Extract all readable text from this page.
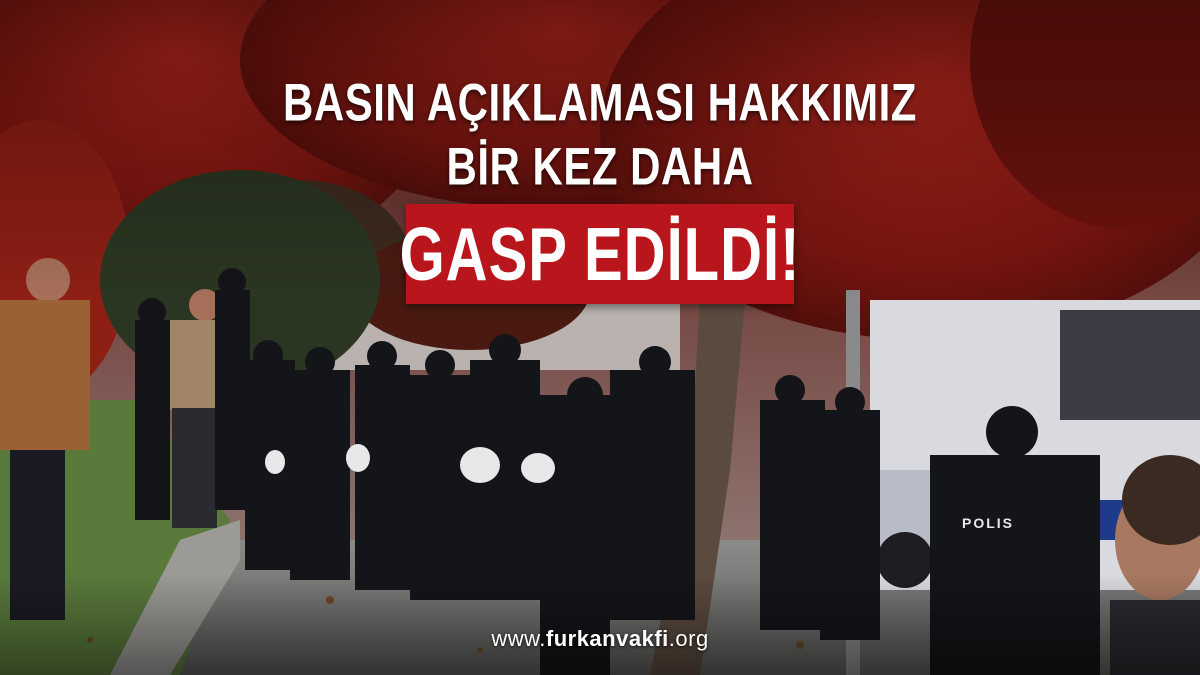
POLIS
BASIN AÇIKLAMASI HAKKIMIZ
BİR KEZ DAHA
GASP EDİLDİ!
www.furkanvakfi.org
